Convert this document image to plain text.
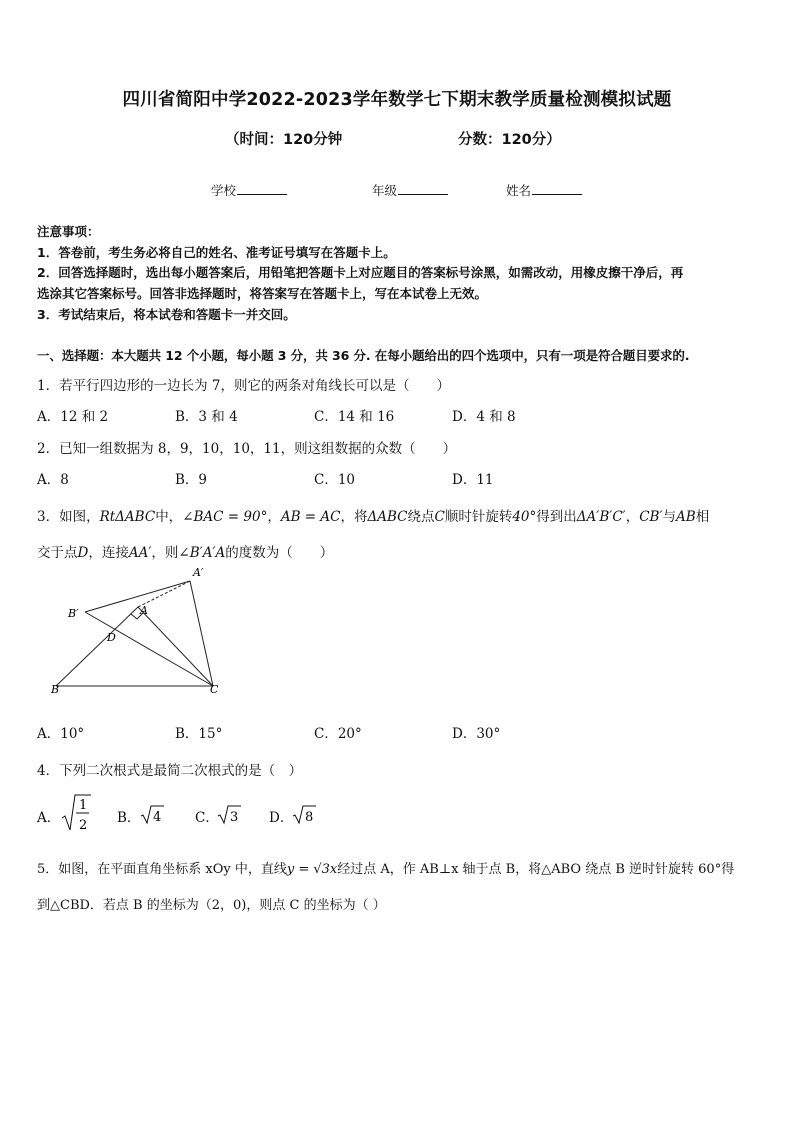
四川省简阳中学2022-2023学年数学七下期末教学质量检测模拟试题
（时间：120分钟	分数：120分）
学校	年级	姓名
注意事项：
1．答卷前，考生务必将自己的姓名、准考证号填写在答题卡上。
2．回答选择题时，选出每小题答案后，用铅笔把答题卡上对应题目的答案标号涂黑，如需改动，用橡皮擦干净后，再
选涂其它答案标号。回答非选择题时，将答案写在答题卡上，写在本试卷上无效。
3．考试结束后，将本试卷和答题卡一并交回。
一、选择题：本大题共 12 个小题，每小题 3 分，共 36 分. 在每小题给出的四个选项中，只有一项是符合题目要求的.
1．若平行四边形的一边长为 7，则它的两条对角线长可以是（　　）
A．12 和 2	B．3 和 4	C．14 和 16	D．4 和 8
2．已知一组数据为 8，9，10，10，11，则这组数据的众数（　　）
A．8	B．9	C．10	D．11
3．如图，RtΔABC中，∠BAC = 90°，AB = AC，将ΔABC绕点C顺时针旋转40°得到出ΔA′B′C′，CB′与AB相
交于点D，连接AA′，则∠B′A′A的度数为（　　）
A′
B′	A
D
B	C
A．10°	B．15°	C．20°	D．30°
4．下列二次根式是最简二次根式的是（　）
A．
1
2 B． 4 C． 3 D． 8
5．如图，在平面直角坐标系 xOy 中，直线y = √3x经过点 A，作 AB⊥x 轴于点 B，将△ABO 绕点 B 逆时针旋转 60°得
到△CBD．若点 B 的坐标为（2，0)，则点 C 的坐标为（ ）
